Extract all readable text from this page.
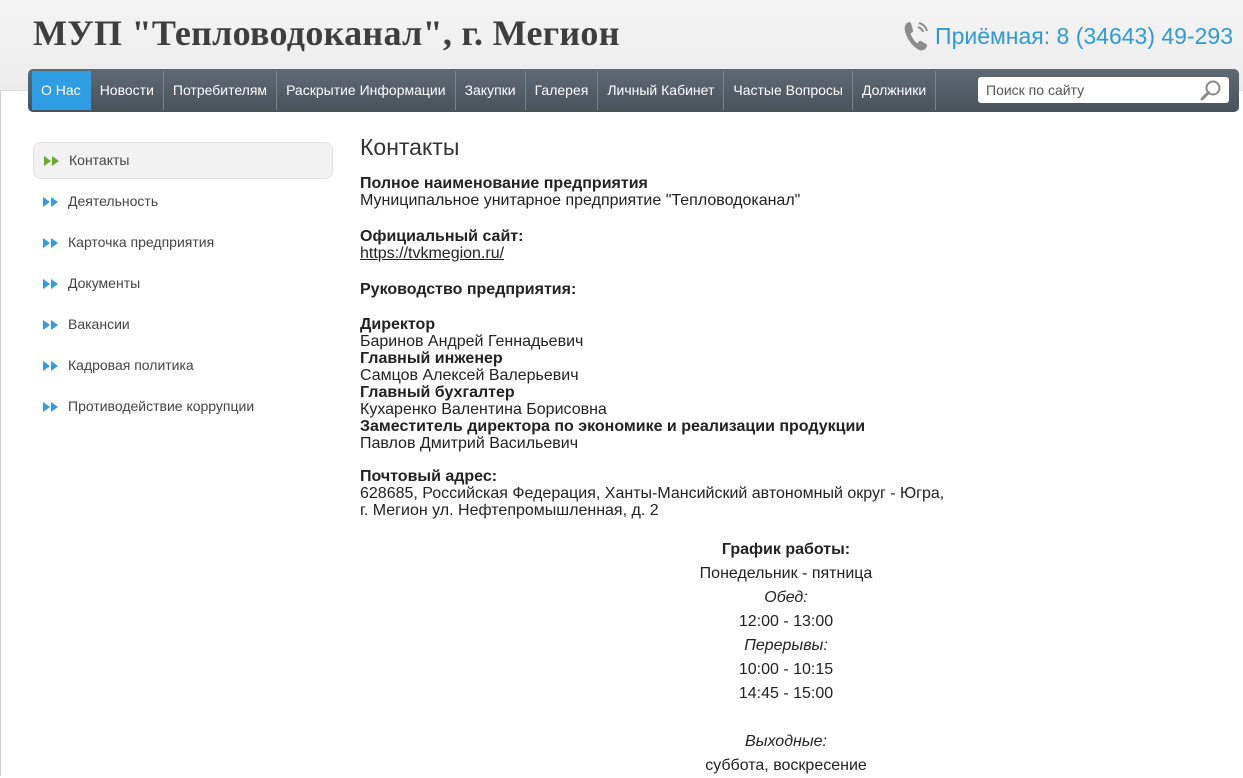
МУП "Тепловодоканал", г. Мегион	Приёмная: 8 (34643) 49-293
О Нас	Новости	Потребителям	Раскрытие Информации	Закупки	Галерея	Личный Кабинет	Частые Вопросы	Должники
Поиск по сайту
Контакты
Деятельность
Карточка предприятия
Документы
Вакансии
Кадровая политика
Противодействие коррупции
Контакты
Полное наименование предприятия
Муниципальное унитарное предприятие "Тепловодоканал"
Официальный сайт:
https://tvkmegion.ru/
Руководство предприятия:
Директор
Баринов Андрей Геннадьевич
Главный инженер
Самцов Алексей Валерьевич
Главный бухгалтер
Кухаренко Валентина Борисовна
Заместитель директора по экономике и реализации продукции
Павлов Дмитрий Васильевич
Почтовый адрес:
628685, Российская Федерация, Ханты-Мансийский автономный округ - Югра,
г. Мегион ул. Нефтепромышленная, д. 2
График работы:
Понедельник - пятница
Обед:
12:00 - 13:00
Перерывы:
10:00 - 10:15
14:45 - 15:00
Выходные:
суббота, воскресение
